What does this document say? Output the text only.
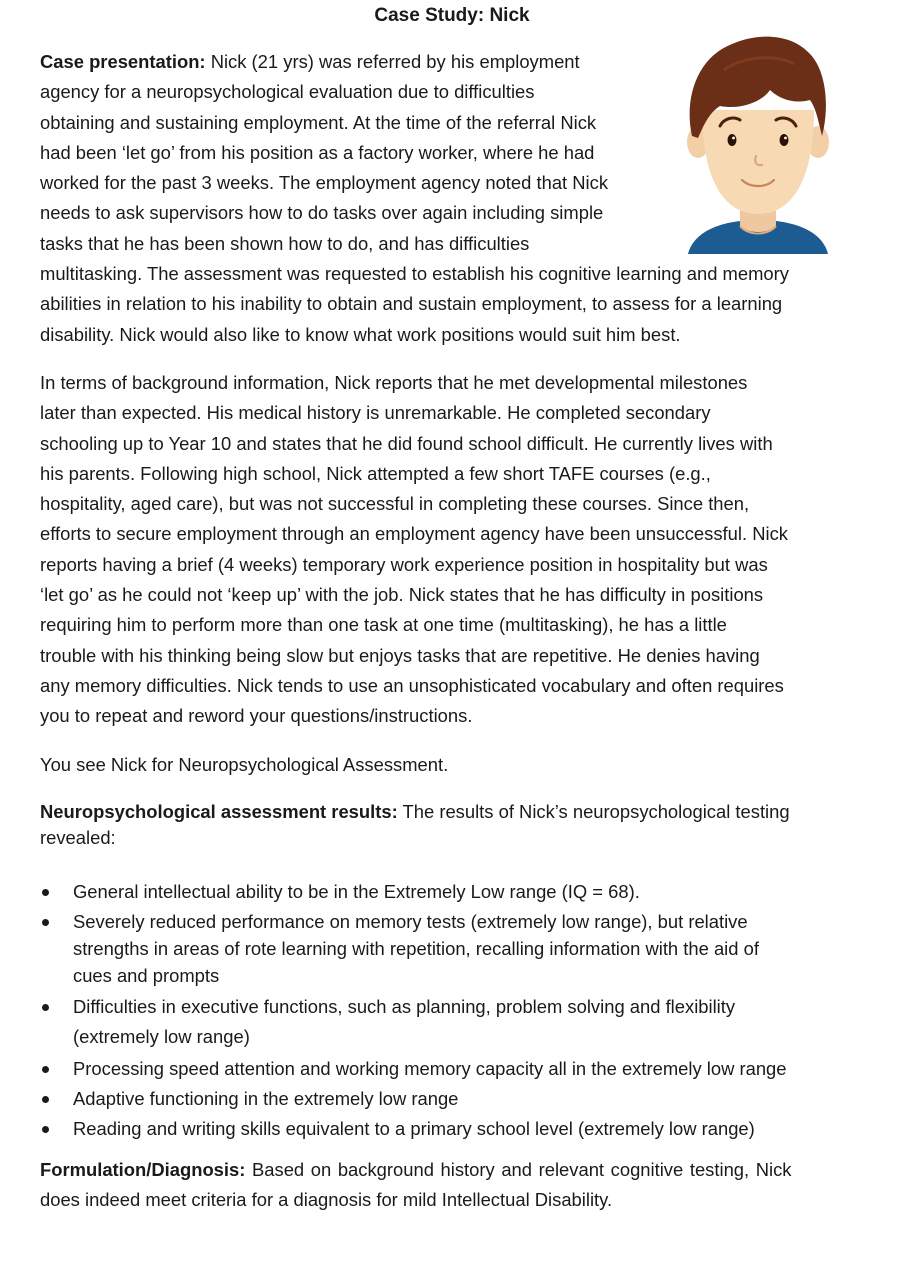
Case Study: Nick
Case presentation: Nick (21 yrs) was referred by his employment
agency for a neuropsychological evaluation due to difficulties
obtaining and sustaining employment. At the time of the referral Nick
had been ‘let go’ from his position as a factory worker, where he had
worked for the past 3 weeks. The employment agency noted that Nick
needs to ask supervisors how to do tasks over again including simple
tasks that he has been shown how to do, and has difficulties
multitasking. The assessment was requested to establish his cognitive learning and memory
abilities in relation to his inability to obtain and sustain employment, to assess for a learning
disability. Nick would also like to know what work positions would suit him best.
In terms of background information, Nick reports that he met developmental milestones
later than expected. His medical history is unremarkable. He completed secondary
schooling up to Year 10 and states that he did found school difficult. He currently lives with
his parents. Following high school, Nick attempted a few short TAFE courses (e.g.,
hospitality, aged care), but was not successful in completing these courses. Since then,
efforts to secure employment through an employment agency have been unsuccessful. Nick
reports having a brief (4 weeks) temporary work experience position in hospitality but was
‘let go’ as he could not ‘keep up’ with the job. Nick states that he has difficulty in positions
requiring him to perform more than one task at one time (multitasking), he has a little
trouble with his thinking being slow but enjoys tasks that are repetitive. He denies having
any memory difficulties. Nick tends to use an unsophisticated vocabulary and often requires
you to repeat and reword your questions/instructions.
You see Nick for Neuropsychological Assessment.
Neuropsychological assessment results: The results of Nick’s neuropsychological testing
revealed:
General intellectual ability to be in the Extremely Low range (IQ = 68).
Severely reduced performance on memory tests (extremely low range), but relative
strengths in areas of rote learning with repetition, recalling information with the aid of
cues and prompts
Difficulties in executive functions, such as planning, problem solving and flexibility
(extremely low range)
Processing speed attention and working memory capacity all in the extremely low range
Adaptive functioning in the extremely low range
Reading and writing skills equivalent to a primary school level (extremely low range)
Formulation/Diagnosis: Based on background history and relevant cognitive testing, Nick
does indeed meet criteria for a diagnosis for mild Intellectual Disability.
